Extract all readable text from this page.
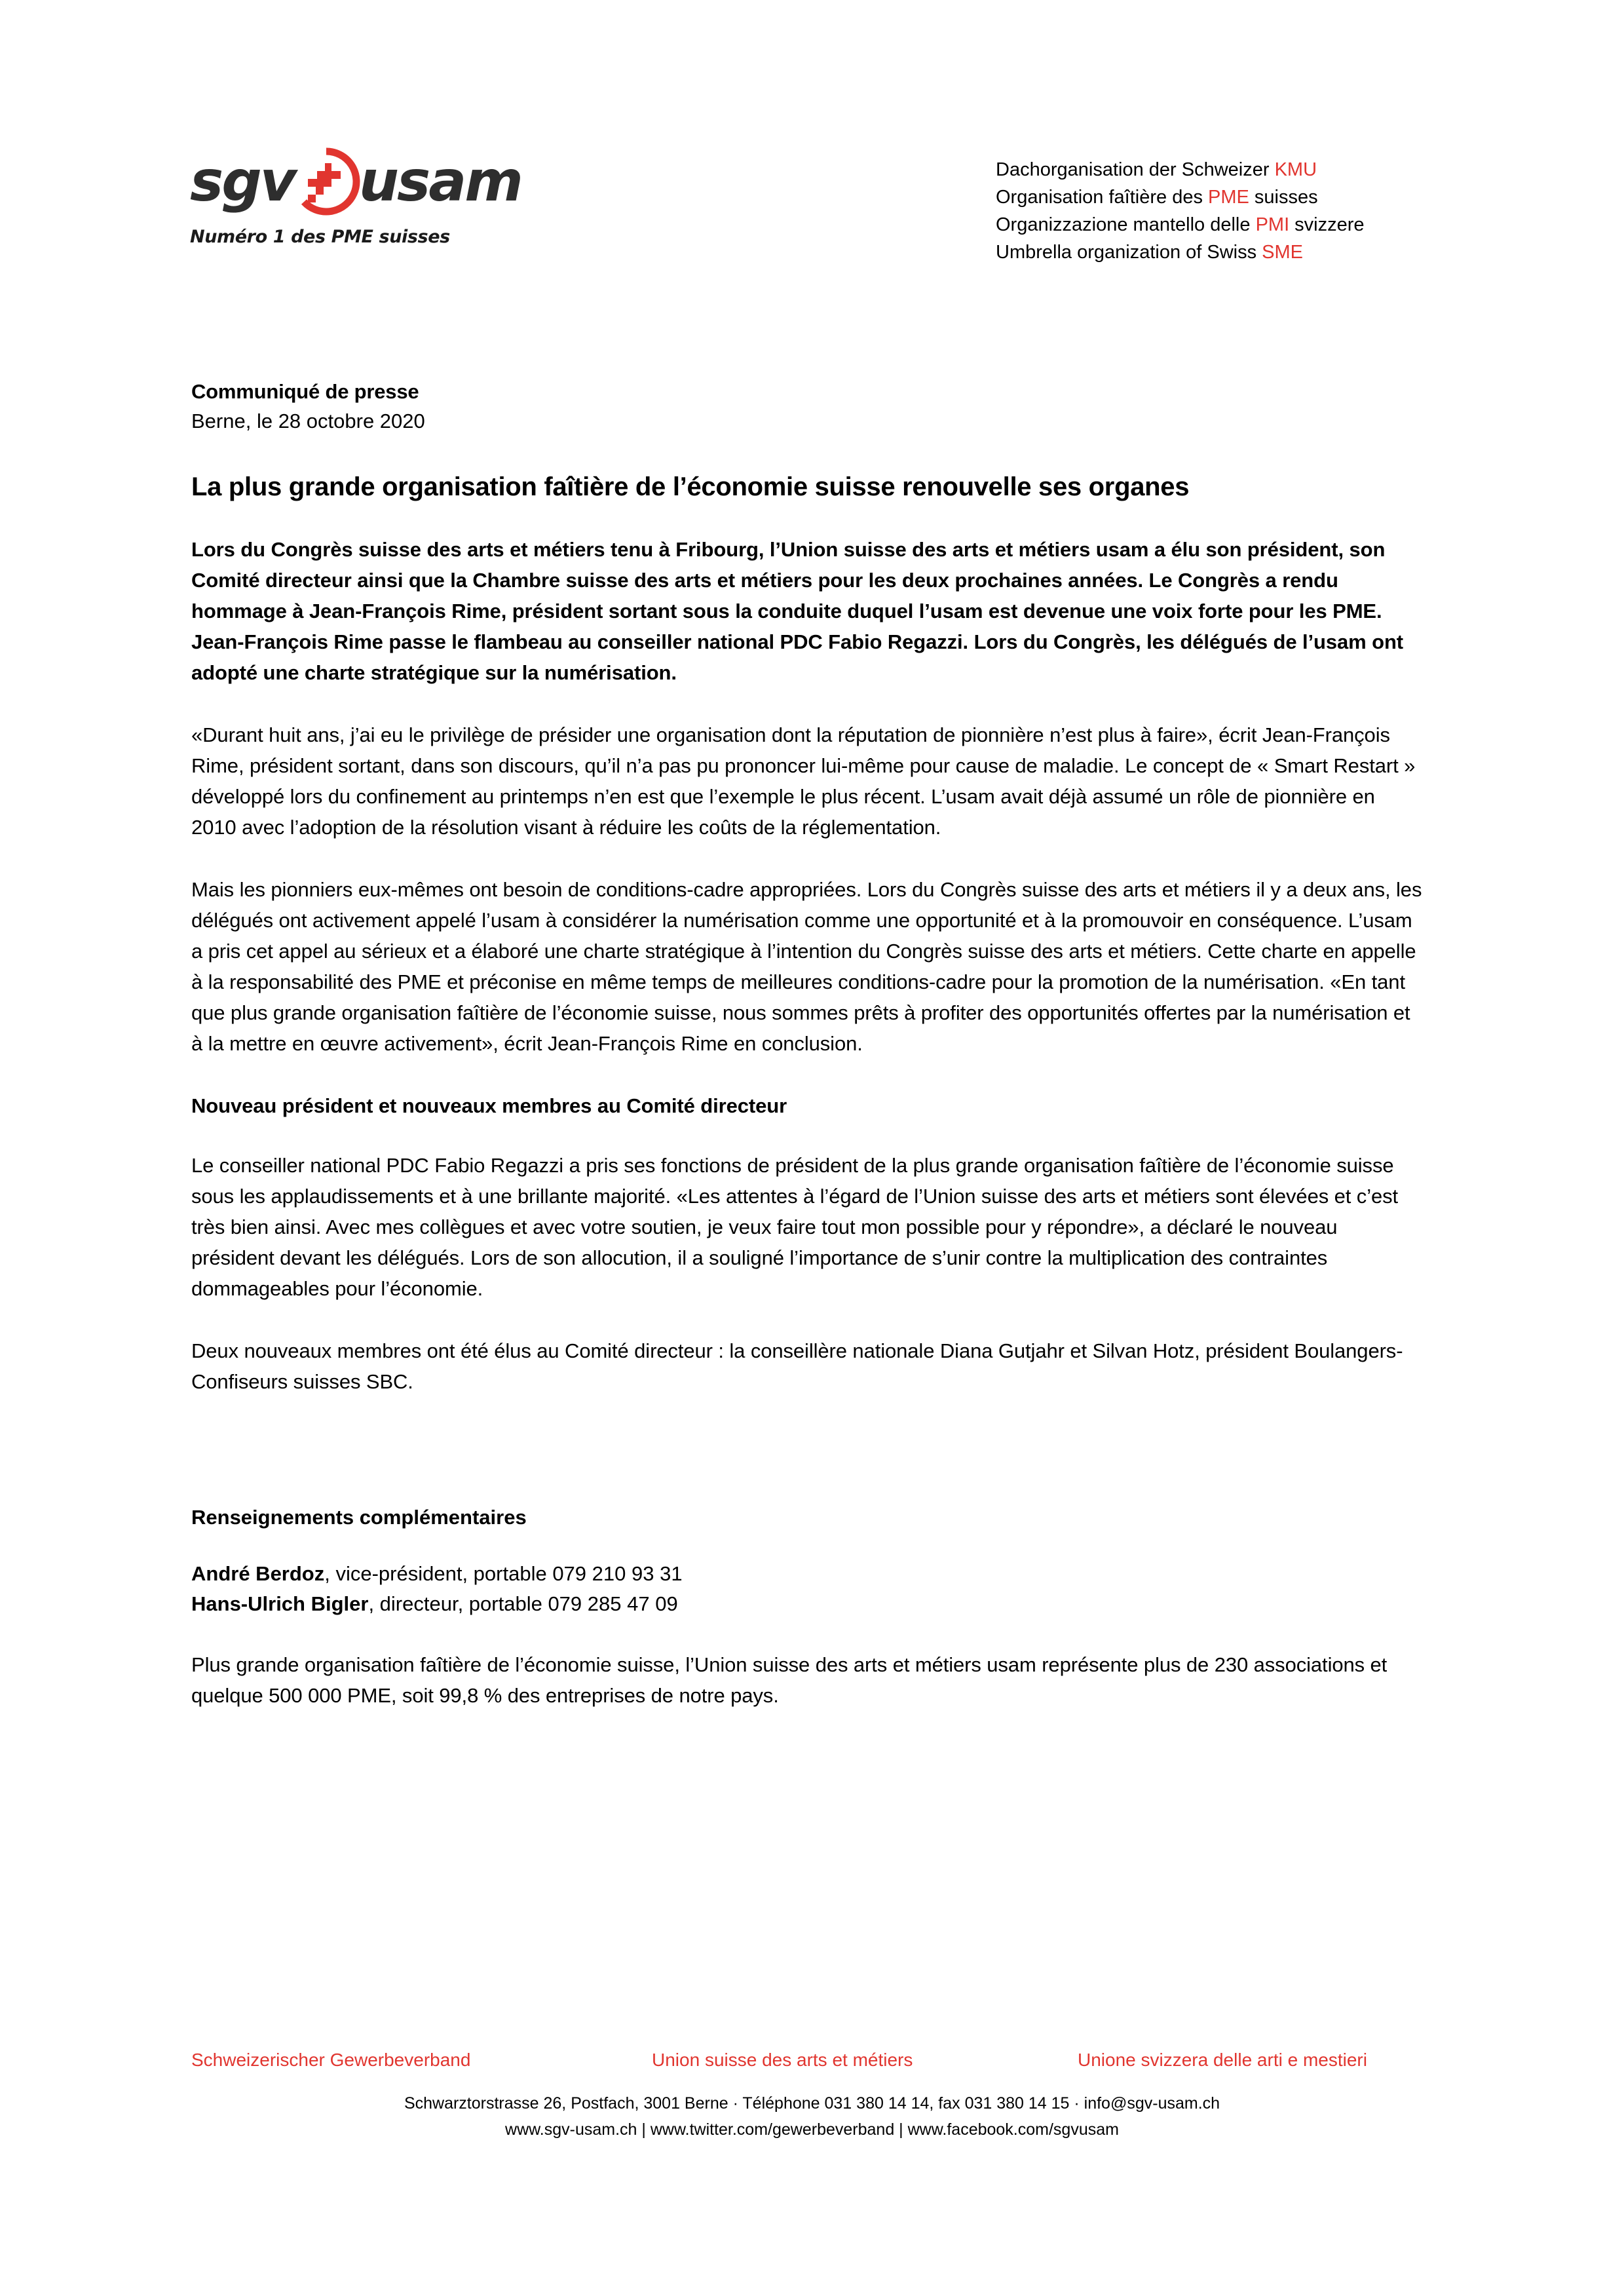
sgv usam
Numéro 1 des PME suisses
Dachorganisation der Schweizer KMU
Organisation faîtière des PME suisses
Organizzazione mantello delle PMI svizzere
Umbrella organization of Swiss SME
Communiqué de presse
Berne, le 28 octobre 2020
La plus grande organisation faîtière de l’économie suisse renouvelle ses organes

Lors du Congrès suisse des arts et métiers tenu à Fribourg, l’Union suisse des arts et métiers usam a élu son président, son Comité directeur ainsi que la Chambre suisse des arts et métiers pour les deux prochaines années. Le Congrès a rendu hommage à Jean-François Rime, président sortant sous la conduite duquel l’usam est devenue une voix forte pour les PME. Jean-François Rime passe le flambeau au conseiller national PDC Fabio Regazzi. Lors du Congrès, les délégués de l’usam ont adopté une charte stratégique sur la numérisation.

«Durant huit ans, j’ai eu le privilège de présider une organisation dont la réputation de pionnière n’est plus à faire», écrit Jean-François Rime, président sortant, dans son discours, qu’il n’a pas pu prononcer lui-même pour cause de maladie. Le concept de « Smart Restart » développé lors du confinement au printemps n’en est que l’exemple le plus récent. L’usam avait déjà assumé un rôle de pionnière en 2010 avec l’adoption de la résolution visant à réduire les coûts de la réglementation.

Mais les pionniers eux-mêmes ont besoin de conditions-cadre appropriées. Lors du Congrès suisse des arts et métiers il y a deux ans, les délégués ont activement appelé l’usam à considérer la numérisation comme une opportunité et à la promouvoir en conséquence. L’usam a pris cet appel au sérieux et a élaboré une charte stratégique à l’intention du Congrès suisse des arts et métiers. Cette charte en appelle à la responsabilité des PME et préconise en même temps de meilleures conditions-cadre pour la promotion de la numérisation. «En tant que plus grande organisation faîtière de l’économie suisse, nous sommes prêts à profiter des opportunités offertes par la numérisation et à la mettre en œuvre activement», écrit Jean-François Rime en conclusion.

Nouveau président et nouveaux membres au Comité directeur

Le conseiller national PDC Fabio Regazzi a pris ses fonctions de président de la plus grande organisation faîtière de l’économie suisse sous les applaudissements et à une brillante majorité. «Les attentes à l’égard de l’Union suisse des arts et métiers sont élevées et c’est très bien ainsi. Avec mes collègues et avec votre soutien, je veux faire tout mon possible pour y répondre», a déclaré le nouveau président devant les délégués. Lors de son allocution, il a souligné l’importance de s’unir contre la multiplication des contraintes dommageables pour l’économie.

Deux nouveaux membres ont été élus au Comité directeur : la conseillère nationale Diana Gutjahr et Silvan Hotz, président Boulangers-Confiseurs suisses SBC.

Renseignements complémentaires
André Berdoz, vice-président, portable 079 210 93 31
Hans-Ulrich Bigler, directeur, portable 079 285 47 09

Plus grande organisation faîtière de l’économie suisse, l’Union suisse des arts et métiers usam représente plus de 230 associations et quelque 500 000 PME, soit 99,8 % des entreprises de notre pays.

Schweizerischer Gewerbeverband	Union suisse des arts et métiers	Unione svizzera delle arti e mestieri
Schwarztorstrasse 26, Postfach, 3001 Berne · Téléphone 031 380 14 14, fax 031 380 14 15 · info@sgv-usam.ch
www.sgv-usam.ch | www.twitter.com/gewerbeverband | www.facebook.com/sgvusam
